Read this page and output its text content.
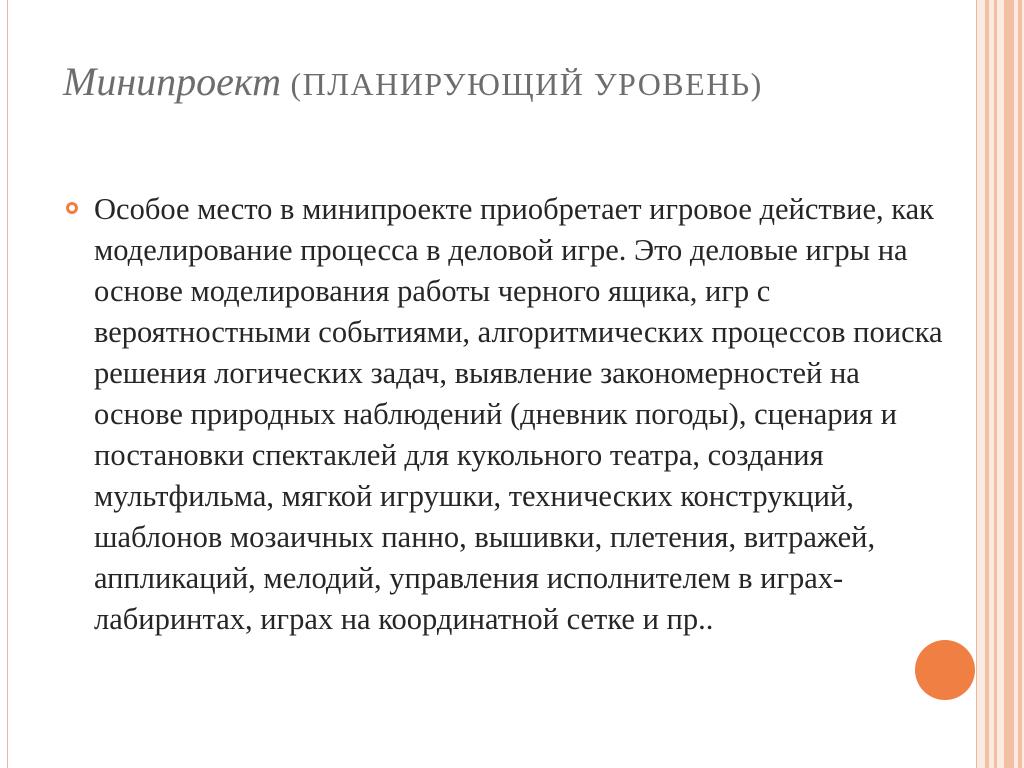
Минипроект (ПЛАНИРУЮЩИЙ УРОВЕНЬ)
Особое место в минипроекте приобретает игровое действие, как моделирование процесса в деловой игре. Это деловые игры на основе моделирования работы черного ящика, игр с вероятностными событиями, алгоритмических процессов поиска решения логических задач, выявление закономерностей на основе природных наблюдений (дневник погоды), сценария и постановки спектаклей для кукольного театра, создания мультфильма, мягкой игрушки, технических конструкций, шаблонов мозаичных панно, вышивки, плетения, витражей, аппликаций, мелодий, управления исполнителем в играх-лабиринтах, играх на координатной сетке и пр..
